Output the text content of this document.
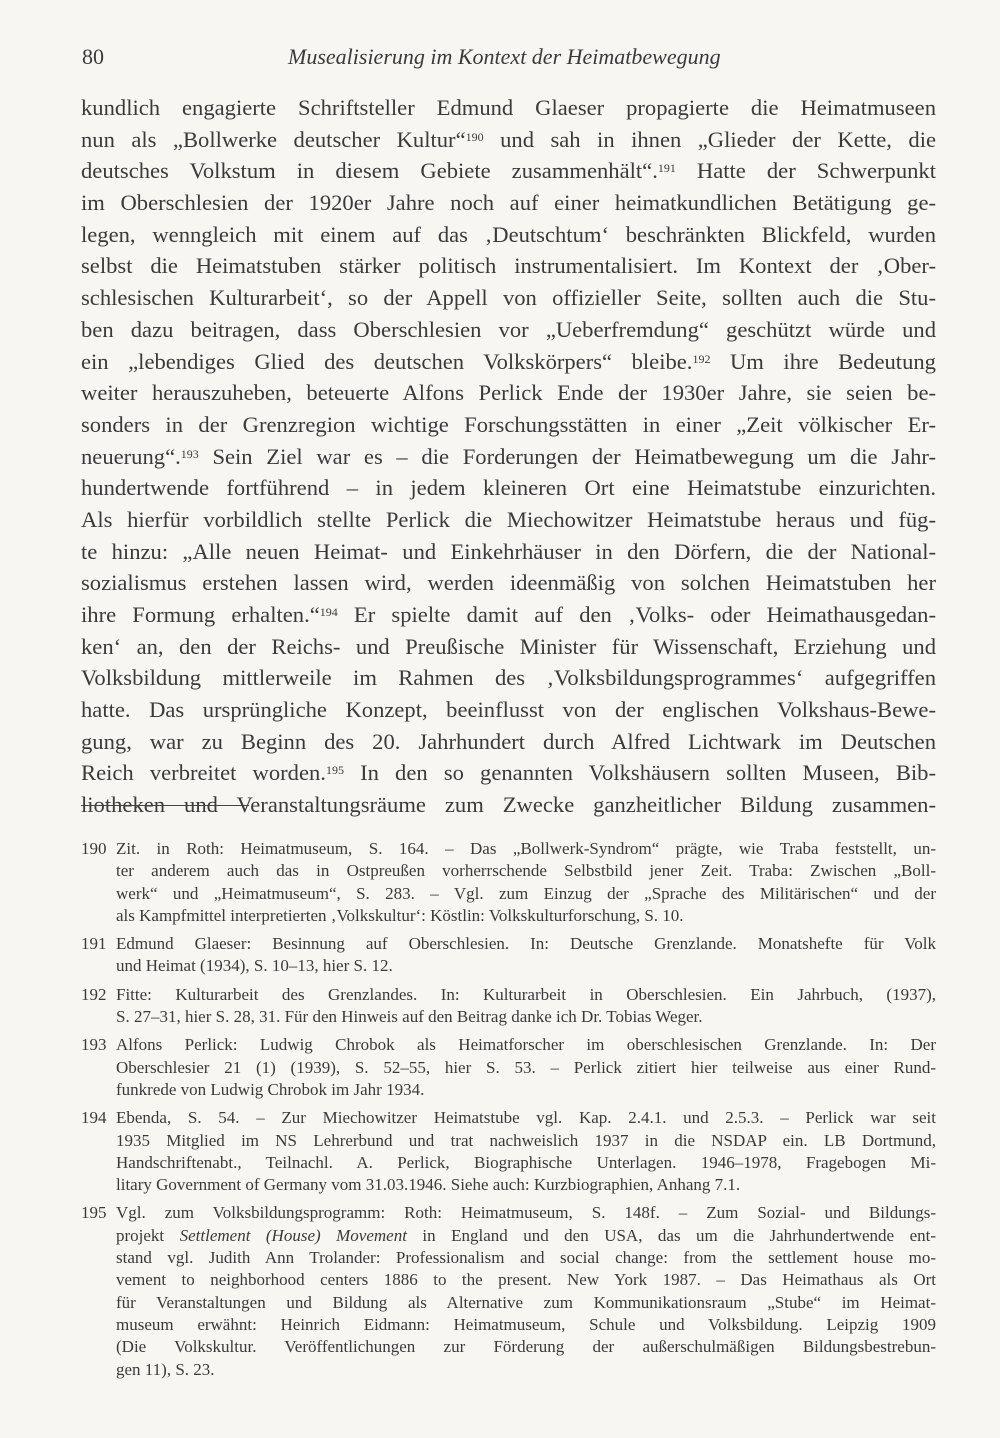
80	Musealisierung im Kontext der Heimatbewegung
kundlich engagierte Schriftsteller Edmund Glaeser propagierte die Heimatmuseen
nun als „Bollwerke deutscher Kultur“$^{190}$ und sah in ihnen „Glieder der Kette, die
deutsches Volkstum in diesem Gebiete zusammenhält“.$^{191}$ Hatte der Schwerpunkt
im Oberschlesien der 1920er Jahre noch auf einer heimatkundlichen Betätigung ge-
legen, wenngleich mit einem auf das ‚Deutschtum‘ beschränkten Blickfeld, wurden
selbst die Heimatstuben stärker politisch instrumentalisiert. Im Kontext der ‚Ober-
schlesischen Kulturarbeit‘, so der Appell von offizieller Seite, sollten auch die Stu-
ben dazu beitragen, dass Oberschlesien vor „Ueberfremdung“ geschützt würde und
ein „lebendiges Glied des deutschen Volkskörpers“ bleibe.$^{192}$ Um ihre Bedeutung
weiter herauszuheben, beteuerte Alfons Perlick Ende der 1930er Jahre, sie seien be-
sonders in der Grenzregion wichtige Forschungsstätten in einer „Zeit völkischer Er-
neuerung“.$^{193}$ Sein Ziel war es – die Forderungen der Heimatbewegung um die Jahr-
hundertwende fortführend – in jedem kleineren Ort eine Heimatstube einzurichten.
Als hierfür vorbildlich stellte Perlick die Miechowitzer Heimatstube heraus und füg-
te hinzu: „Alle neuen Heimat- und Einkehrhäuser in den Dörfern, die der National-
sozialismus erstehen lassen wird, werden ideenmäßig von solchen Heimatstuben her
ihre Formung erhalten.“$^{194}$ Er spielte damit auf den ‚Volks- oder Heimathausgedan-
ken‘ an, den der Reichs- und Preußische Minister für Wissenschaft, Erziehung und
Volksbildung mittlerweile im Rahmen des ‚Volksbildungsprogrammes‘ aufgegriffen
hatte. Das ursprüngliche Konzept, beeinflusst von der englischen Volkshaus-Bewe-
gung, war zu Beginn des 20. Jahrhundert durch Alfred Lichtwark im Deutschen
Reich verbreitet worden.$^{195}$ In den so genannten Volkshäusern sollten Museen, Bib-
liotheken und Veranstaltungsräume zum Zwecke ganzheitlicher Bildung zusammen-
190 Zit. in Roth: Heimatmuseum, S. 164. – Das „Bollwerk-Syndrom“ prägte, wie Traba feststellt, un-
ter anderem auch das in Ostpreußen vorherrschende Selbstbild jener Zeit. Traba: Zwischen „Boll-
werk“ und „Heimatmuseum“, S. 283. – Vgl. zum Einzug der „Sprache des Militärischen“ und der
als Kampfmittel interpretierten ‚Volkskultur‘: Köstlin: Volkskulturforschung, S. 10.
191 Edmund Glaeser: Besinnung auf Oberschlesien. In: Deutsche Grenzlande. Monatshefte für Volk
und Heimat (1934), S. 10–13, hier S. 12.
192 Fitte: Kulturarbeit des Grenzlandes. In: Kulturarbeit in Oberschlesien. Ein Jahrbuch, (1937),
S. 27–31, hier S. 28, 31. Für den Hinweis auf den Beitrag danke ich Dr. Tobias Weger.
193 Alfons Perlick: Ludwig Chrobok als Heimatforscher im oberschlesischen Grenzlande. In: Der
Oberschlesier 21 (1) (1939), S. 52–55, hier S. 53. – Perlick zitiert hier teilweise aus einer Rund-
funkrede von Ludwig Chrobok im Jahr 1934.
194 Ebenda, S. 54. – Zur Miechowitzer Heimatstube vgl. Kap. 2.4.1. und 2.5.3. – Perlick war seit
1935 Mitglied im NS Lehrerbund und trat nachweislich 1937 in die NSDAP ein. LB Dortmund,
Handschriftenabt., Teilnachl. A. Perlick, Biographische Unterlagen. 1946–1978, Fragebogen Mi-
litary Government of Germany vom 31.03.1946. Siehe auch: Kurzbiographien, Anhang 7.1.
195 Vgl. zum Volksbildungsprogramm: Roth: Heimatmuseum, S. 148f. – Zum Sozial- und Bildungs-
projekt Settlement (House) Movement in England und den USA, das um die Jahrhundertwende ent-
stand vgl. Judith Ann Trolander: Professionalism and social change: from the settlement house mo-
vement to neighborhood centers 1886 to the present. New York 1987. – Das Heimathaus als Ort
für Veranstaltungen und Bildung als Alternative zum Kommunikationsraum „Stube“ im Heimat-
museum erwähnt: Heinrich Eidmann: Heimatmuseum, Schule und Volksbildung. Leipzig 1909
(Die Volkskultur. Veröffentlichungen zur Förderung der außerschulmäßigen Bildungsbestrebun-
gen 11), S. 23.
